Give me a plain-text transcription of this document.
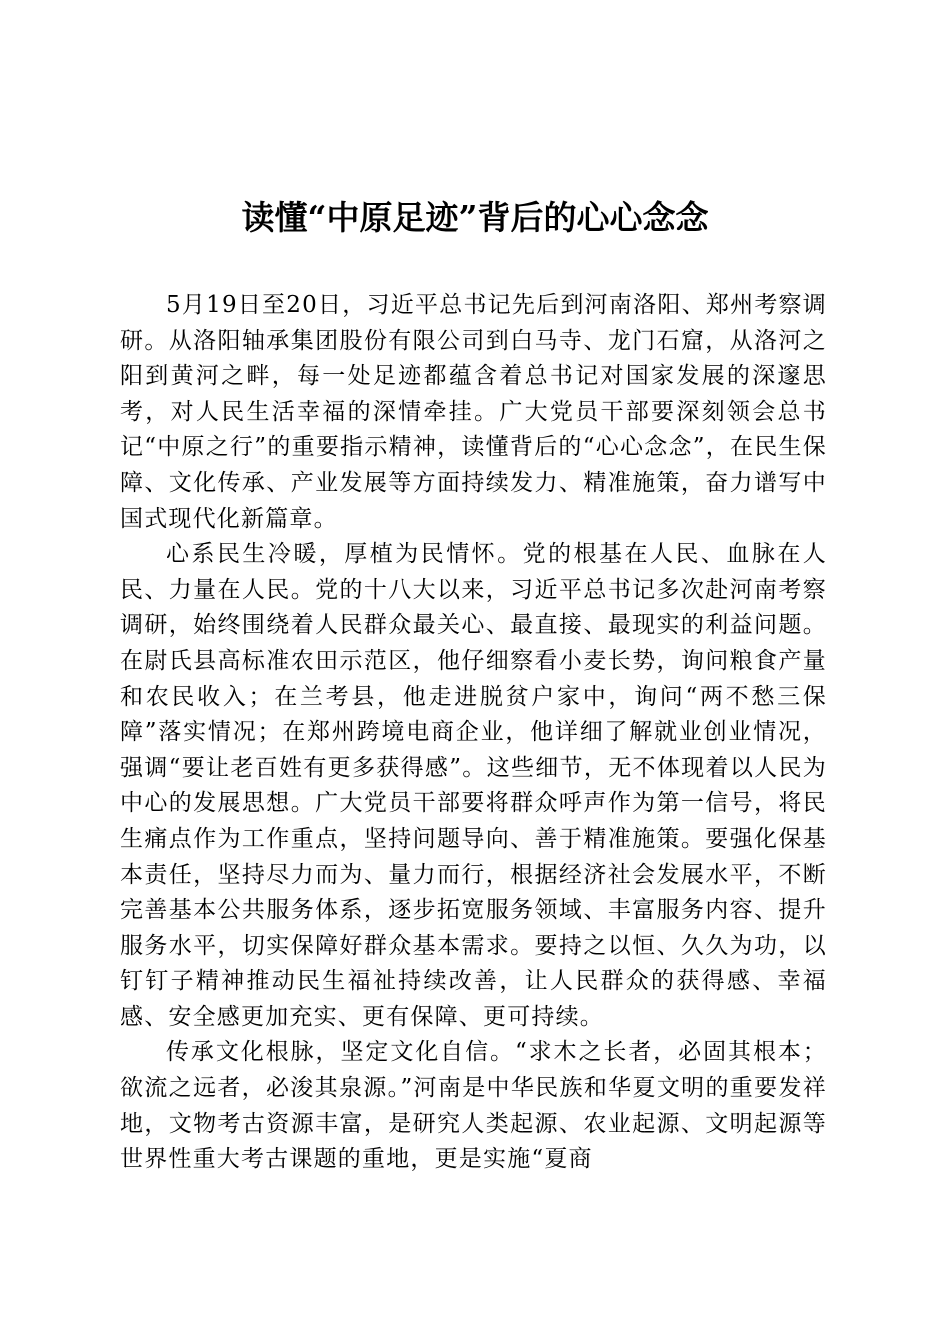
读懂“中原足迹”背后的心心念念

5月19日至20日，习近平总书记先后到河南洛阳、郑州考察调研。从洛阳轴承集团股份有限公司到白马寺、龙门石窟，从洛河之阳到黄河之畔，每一处足迹都蕴含着总书记对国家发展的深邃思考，对人民生活幸福的深情牵挂。广大党员干部要深刻领会总书记“中原之行”的重要指示精神，读懂背后的“心心念念”，在民生保障、文化传承、产业发展等方面持续发力、精准施策，奋力谱写中国式现代化新篇章。

心系民生冷暖，厚植为民情怀。党的根基在人民、血脉在人民、力量在人民。党的十八大以来，习近平总书记多次赴河南考察调研，始终围绕着人民群众最关心、最直接、最现实的利益问题。在尉氏县高标准农田示范区，他仔细察看小麦长势，询问粮食产量和农民收入；在兰考县，他走进脱贫户家中，询问“两不愁三保障”落实情况；在郑州跨境电商企业，他详细了解就业创业情况，强调“要让老百姓有更多获得感”。这些细节，无不体现着以人民为中心的发展思想。广大党员干部要将群众呼声作为第一信号，将民生痛点作为工作重点，坚持问题导向、善于精准施策。要强化保基本责任，坚持尽力而为、量力而行，根据经济社会发展水平，不断完善基本公共服务体系，逐步拓宽服务领域、丰富服务内容、提升服务水平，切实保障好群众基本需求。要持之以恒、久久为功，以钉钉子精神推动民生福祉持续改善，让人民群众的获得感、幸福感、安全感更加充实、更有保障、更可持续。

传承文化根脉，坚定文化自信。“求木之长者，必固其根本；欲流之远者，必浚其泉源。”河南是中华民族和华夏文明的重要发祥地，文物考古资源丰富，是研究人类起源、农业起源、文明起源等世界性重大考古课题的重地，更是实施“夏商
